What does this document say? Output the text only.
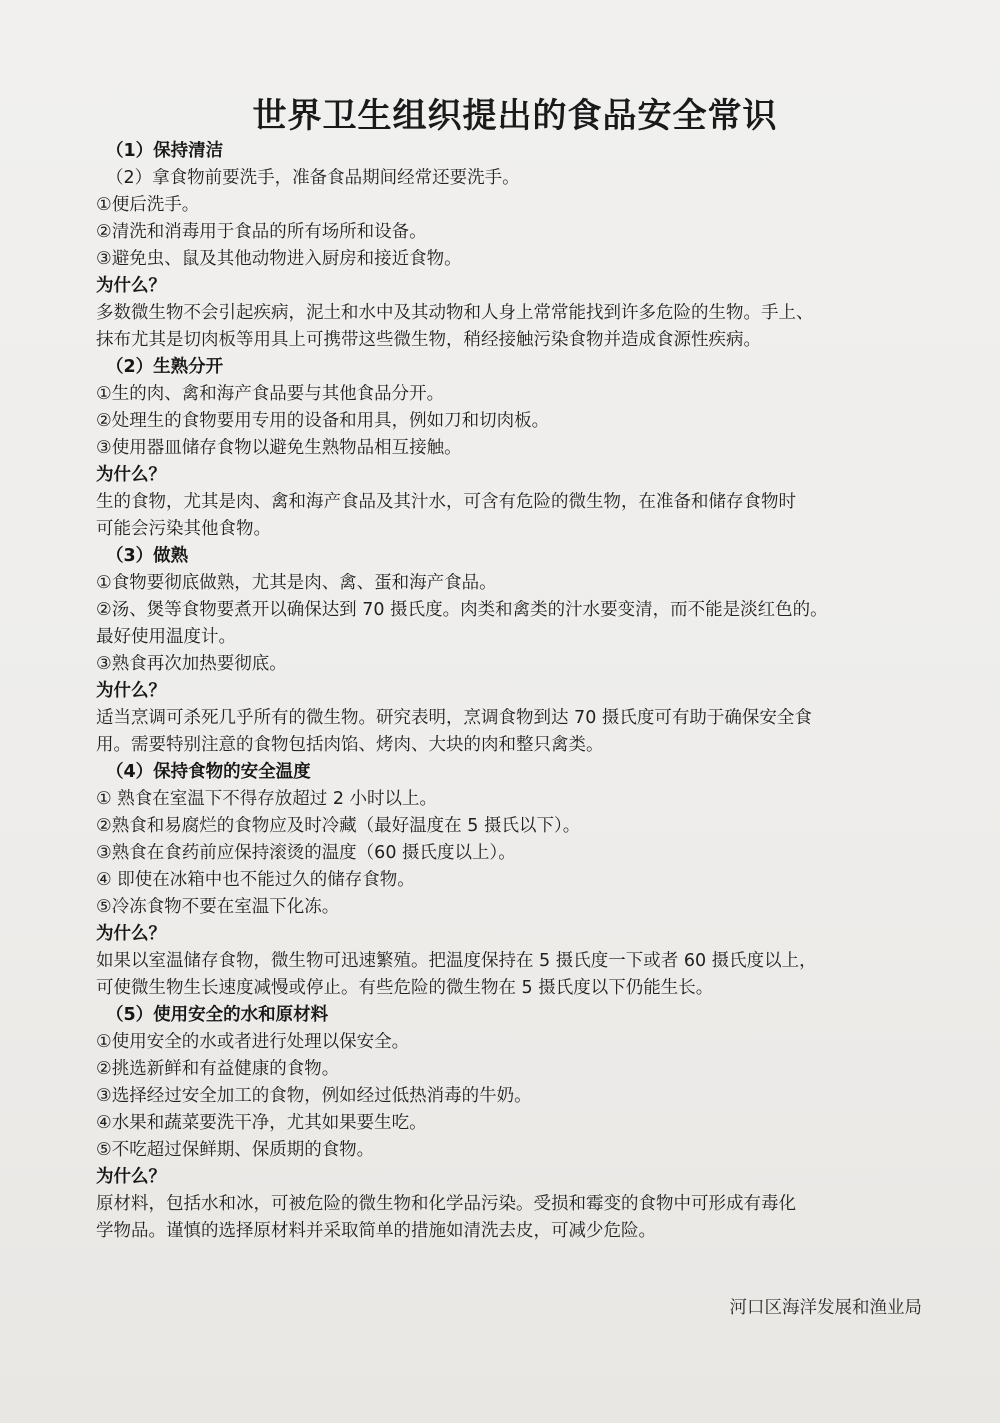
世界卫生组织提出的食品安全常识
（1）保持清洁
（2）拿食物前要洗手，准备食品期间经常还要洗手。
①便后洗手。
②清洗和消毒用于食品的所有场所和设备。
③避免虫、鼠及其他动物进入厨房和接近食物。
为什么？
多数微生物不会引起疾病，泥土和水中及其动物和人身上常常能找到许多危险的生物。手上、
抹布尤其是切肉板等用具上可携带这些微生物，稍经接触污染食物并造成食源性疾病。
（2）生熟分开
①生的肉、禽和海产食品要与其他食品分开。
②处理生的食物要用专用的设备和用具，例如刀和切肉板。
③使用器皿储存食物以避免生熟物品相互接触。
为什么？
生的食物，尤其是肉、禽和海产食品及其汁水，可含有危险的微生物，在准备和储存食物时
可能会污染其他食物。
（3）做熟
①食物要彻底做熟，尤其是肉、禽、蛋和海产食品。
②汤、煲等食物要煮开以确保达到 70 摄氏度。肉类和禽类的汁水要变清，而不能是淡红色的。
最好使用温度计。
③熟食再次加热要彻底。
为什么？
适当烹调可杀死几乎所有的微生物。研究表明，烹调食物到达 70 摄氏度可有助于确保安全食
用。需要特别注意的食物包括肉馅、烤肉、大块的肉和整只禽类。
（4）保持食物的安全温度
① 熟食在室温下不得存放超过 2 小时以上。
②熟食和易腐烂的食物应及时冷藏（最好温度在 5 摄氏以下）。
③熟食在食药前应保持滚烫的温度（60 摄氏度以上）。
④ 即使在冰箱中也不能过久的储存食物。
⑤冷冻食物不要在室温下化冻。
为什么？
如果以室温储存食物，微生物可迅速繁殖。把温度保持在 5 摄氏度一下或者 60 摄氏度以上，
可使微生物生长速度减慢或停止。有些危险的微生物在 5 摄氏度以下仍能生长。
（5）使用安全的水和原材料
①使用安全的水或者进行处理以保安全。
②挑选新鲜和有益健康的食物。
③选择经过安全加工的食物，例如经过低热消毒的牛奶。
④水果和蔬菜要洗干净，尤其如果要生吃。
⑤不吃超过保鲜期、保质期的食物。
为什么？
原材料，包括水和冰，可被危险的微生物和化学品污染。受损和霉变的食物中可形成有毒化
学物品。谨慎的选择原材料并采取简单的措施如清洗去皮，可减少危险。
河口区海洋发展和渔业局
